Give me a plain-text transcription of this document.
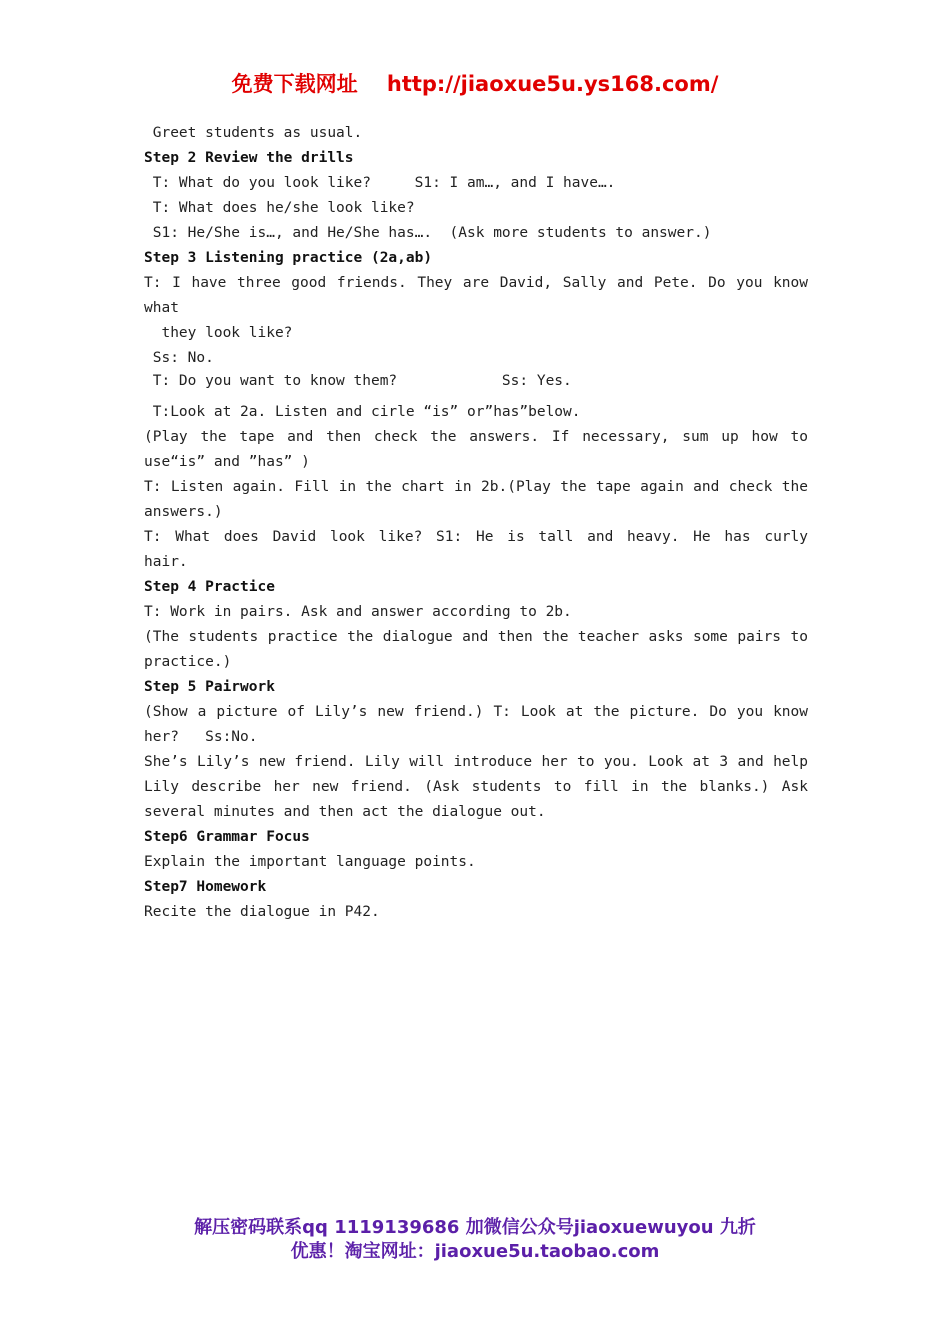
免费下载网址    http://jiaoxue5u.ys168.com/
Greet students as usual.
Step 2 Review the drills
T: What do you look like?     S1: I am…, and I have….
T: What does he/she look like?
S1: He/She is…, and He/She has….  (Ask more students to answer.)
Step 3 Listening practice (2a,ab)
T: I have three good friends. They are David, Sally and Pete. Do you know what
they look like?
Ss: No.
T: Do you want to know them?            Ss: Yes.
T:Look at 2a. Listen and cirle “is” or”has”below.
(Play the tape and then check the answers. If necessary, sum up how to
use“is” and ”has” )
T: Listen again. Fill in the chart in 2b.(Play the tape again and check the
answers.)
T: What does David look like? S1: He is tall and heavy. He has curly
hair.
Step 4 Practice
T: Work in pairs. Ask and answer according to 2b.
(The students practice the dialogue and then the teacher asks some pairs to
practice.)
Step 5 Pairwork
(Show a picture of Lily’s new friend.) T: Look at the picture. Do you know
her?   Ss:No.
She’s Lily’s new friend. Lily will introduce her to you. Look at 3 and help
Lily describe her new friend. (Ask students to fill in the blanks.) Ask
several minutes and then act the dialogue out.
Step6 Grammar Focus
Explain the important language points.
Step7 Homework
Recite the dialogue in P42.
解压密码联系qq 1119139686 加微信公众号jiaoxuewuyou 九折
优惠！淘宝网址：jiaoxue5u.taobao.com
